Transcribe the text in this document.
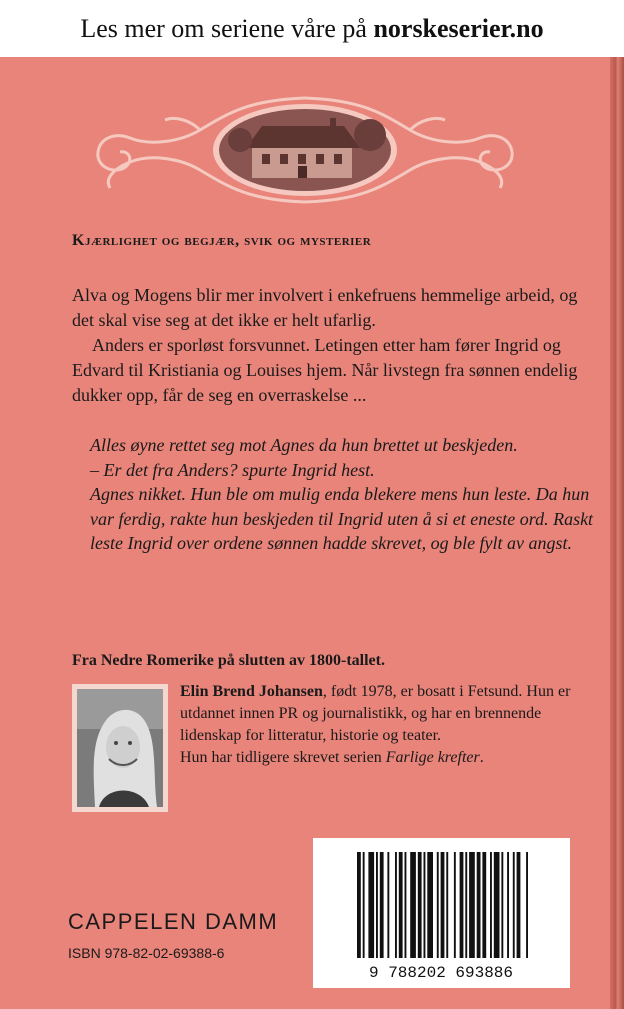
Les mer om seriene våre på norskeserier.no
Kjærlighet og begjær, svik og mysterier

Alva og Mogens blir mer involvert i enkefruens hemmelige arbeid, og det skal vise seg at det ikke er helt ufarlig.

Anders er sporløst forsvunnet. Letingen etter ham fører Ingrid og Edvard til Kristiania og Louises hjem. Når livstegn fra sønnen endelig dukker opp, får de seg en overraskelse ...

Alles øyne rettet seg mot Agnes da hun brettet ut beskjeden.

– Er det fra Anders? spurte Ingrid hest.

Agnes nikket. Hun ble om mulig enda blekere mens hun leste. Da hun var ferdig, rakte hun beskjeden til Ingrid uten å si et eneste ord. Raskt leste Ingrid over ordene sønnen hadde skrevet, og ble fylt av angst.

Fra Nedre Romerike på slutten av 1800-tallet.

Elin Brend Johansen, født 1978, er bosatt i Fetsund. Hun er utdannet innen PR og journalistikk, og har en brennende lidenskap for litteratur, historie og teater.

Hun har tidligere skrevet serien Farlige krefter.

9 788202 693886
CAPPELEN DAMM
ISBN 978-82-02-69388-6
